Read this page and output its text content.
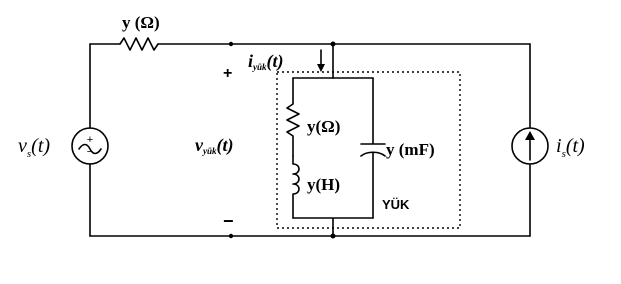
+
−
y (Ω)
$v_s(t)$	$i_s(t)$
iyük(t)
vyük(t)
y(Ω)
y(H)
y (mF)
YÜK
+
−
